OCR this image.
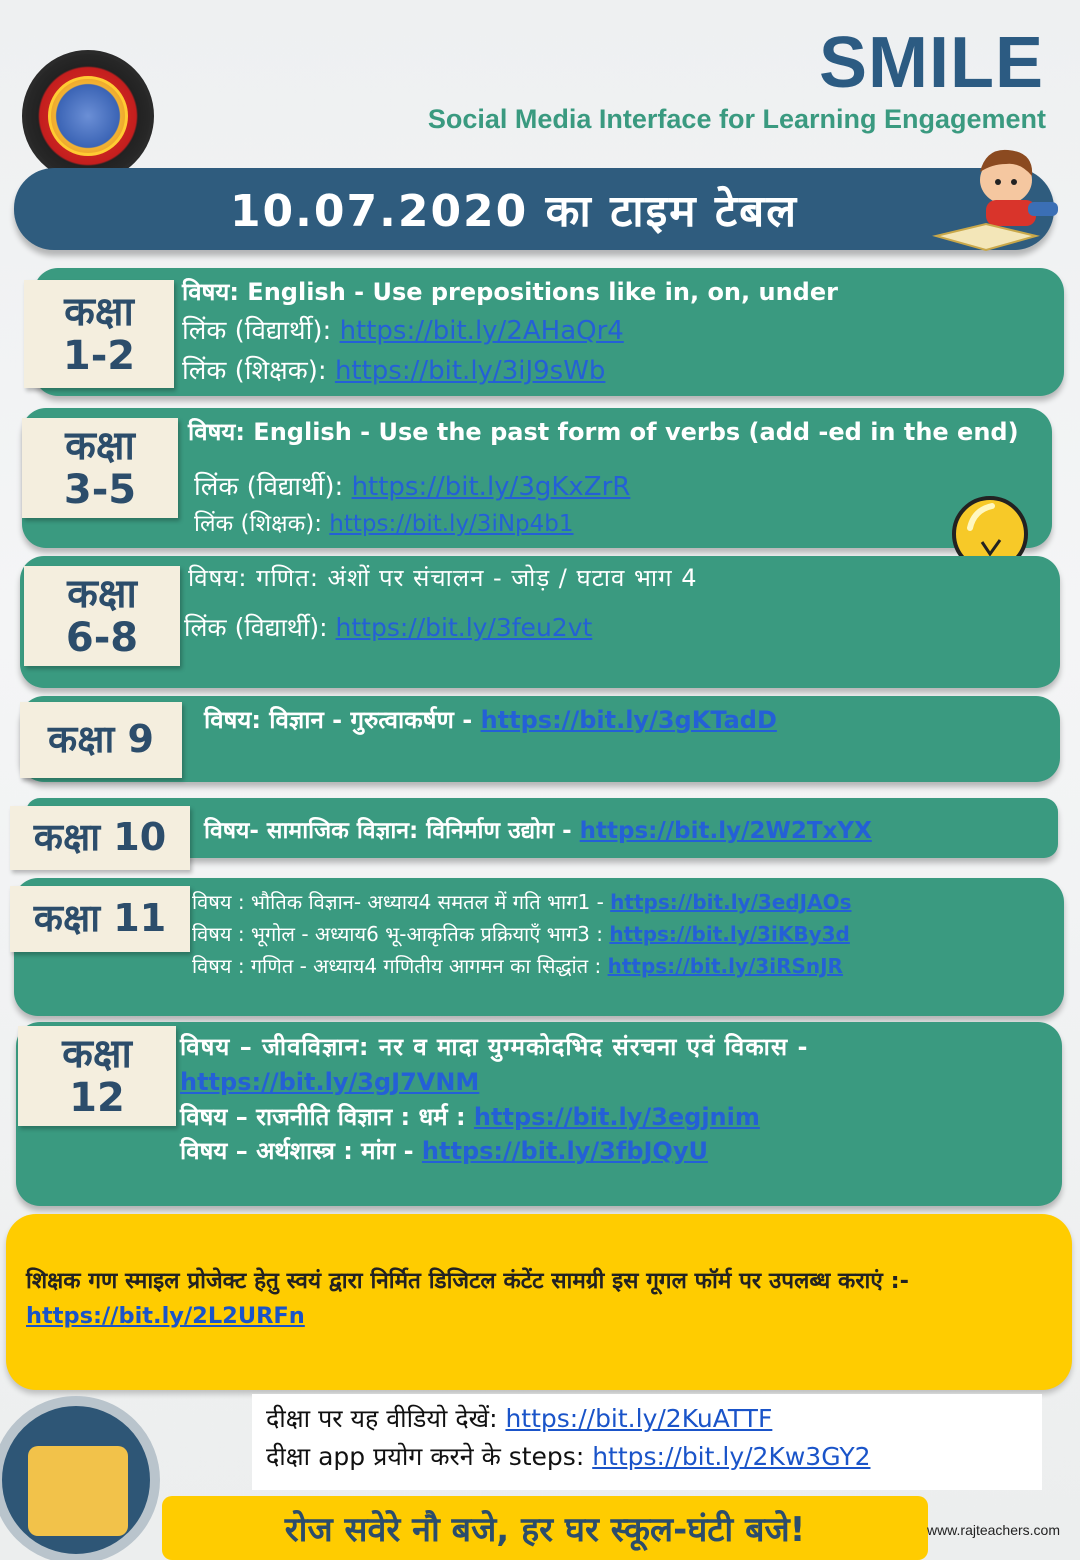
SMILE
Social Media Interface for Learning Engagement
10.07.2020 का टाइम टेबल
कक्षा
1-2
विषय: English - Use prepositions like in, on, under
लिंक (विद्यार्थी): https://bit.ly/2AHaQr4
लिंक (शिक्षक): https://bit.ly/3iJ9sWb
कक्षा
3-5
विषय: English - Use the past form of verbs (add -ed in the end)
लिंक (विद्यार्थी): https://bit.ly/3gKxZrR
लिंक (शिक्षक): https://bit.ly/3iNp4b1
कक्षा
6-8
विषय: गणित: अंशों पर संचालन - जोड़ / घटाव भाग 4
लिंक (विद्यार्थी): https://bit.ly/3feu2vt
कक्षा 9 विषय: विज्ञान - गुरुत्वाकर्षण - https://bit.ly/3gKTadD
कक्षा 10 विषय- सामाजिक विज्ञान: विनिर्माण उद्योग - https://bit.ly/2W2TxYX
कक्षा 11 विषय : भौतिक विज्ञान- अध्याय4 समतल में गति भाग1 - https://bit.ly/3edJAOs
विषय : भूगोल - अध्याय6 भू-आकृतिक प्रक्रियाएँ भाग3 : https://bit.ly/3iKBy3d
विषय : गणित - अध्याय4 गणितीय आगमन का सिद्धांत : https://bit.ly/3iRSnJR
कक्षा
12
विषय – जीवविज्ञान: नर व मादा युग्मकोदभिद संरचना एवं विकास -
https://bit.ly/3gJ7VNM
विषय – राजनीति विज्ञान : धर्म : https://bit.ly/3egjnim
विषय – अर्थशास्त्र : मांग - https://bit.ly/3fbJQyU

शिक्षक गण स्माइल प्रोजेक्ट हेतु स्वयं द्वारा निर्मित डिजिटल कंटेंट सामग्री इस गूगल फॉर्म पर उपलब्ध कराएं :- https://bit.ly/2L2URFn

दीक्षा पर यह वीडियो देखें: https://bit.ly/2KuATTF
दीक्षा app प्रयोग करने के steps: https://bit.ly/2Kw3GY2
रोज सवेरे नौ बजे, हर घर स्कूल-घंटी बजे!	www.rajteachers.com
